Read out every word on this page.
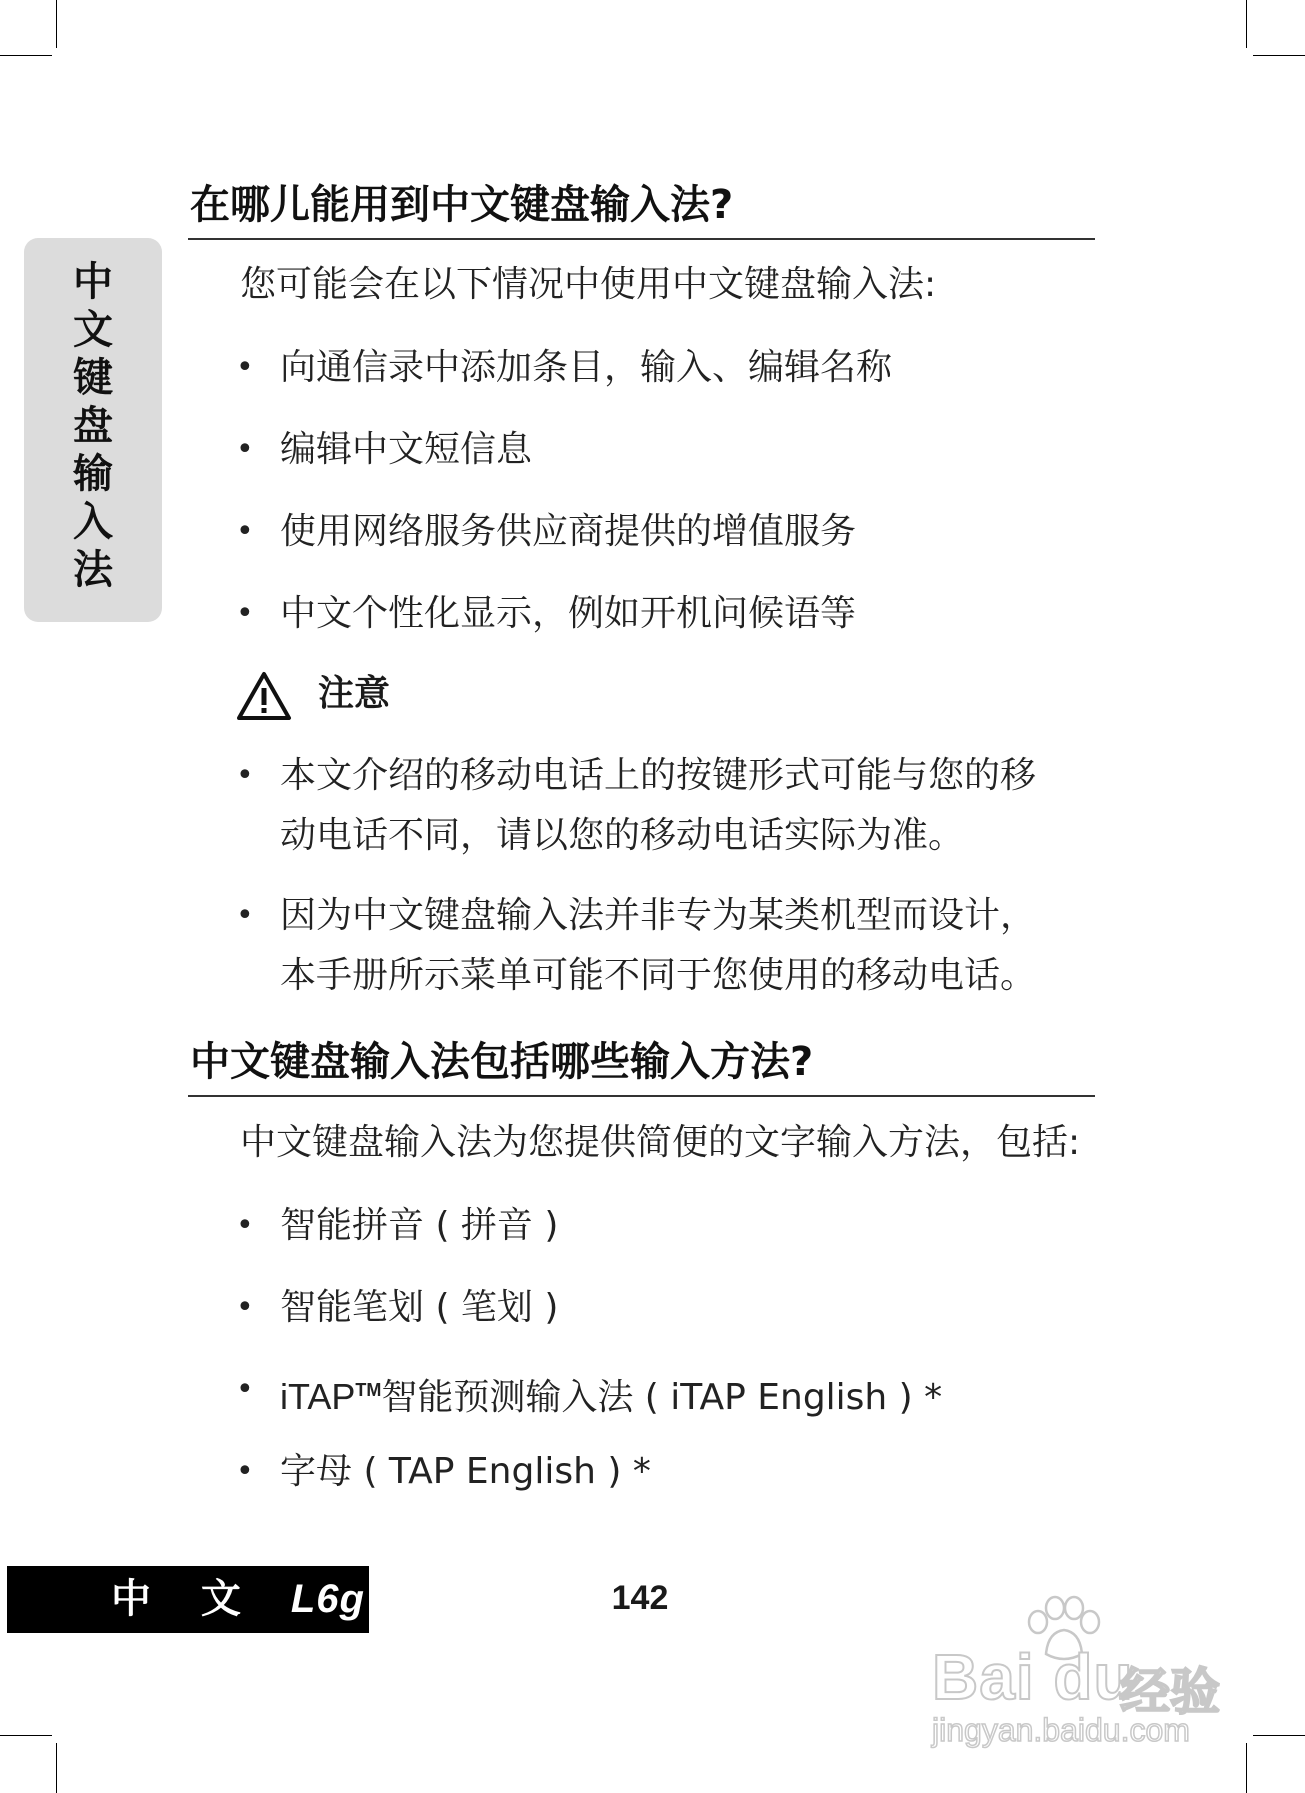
中
文
键
盘
输
入
法
在哪儿能用到中文键盘输入法?
您可能会在以下情况中使用中文键盘输入法:
• 向通信录中添加条目，输入、编辑名称
• 编辑中文短信息
• 使用网络服务供应商提供的增值服务
• 中文个性化显示，例如开机问候语等
注意
• 本文介绍的移动电话上的按键形式可能与您的移
动电话不同，请以您的移动电话实际为准。
• 因为中文键盘输入法并非专为某类机型而设计，
本手册所示菜单可能不同于您使用的移动电话。
中文键盘输入法包括哪些输入方法?
中文键盘输入法为您提供简便的文字输入方法，包括:
• 智能拼音 ( 拼音 )
• 智能笔划 ( 笔划 )
• iTAP™智能预测输入法 ( iTAP English ) *
• 字母 ( TAP English ) *
中 文 L6g	142
Bai du
经验
jingyan.baidu.com
